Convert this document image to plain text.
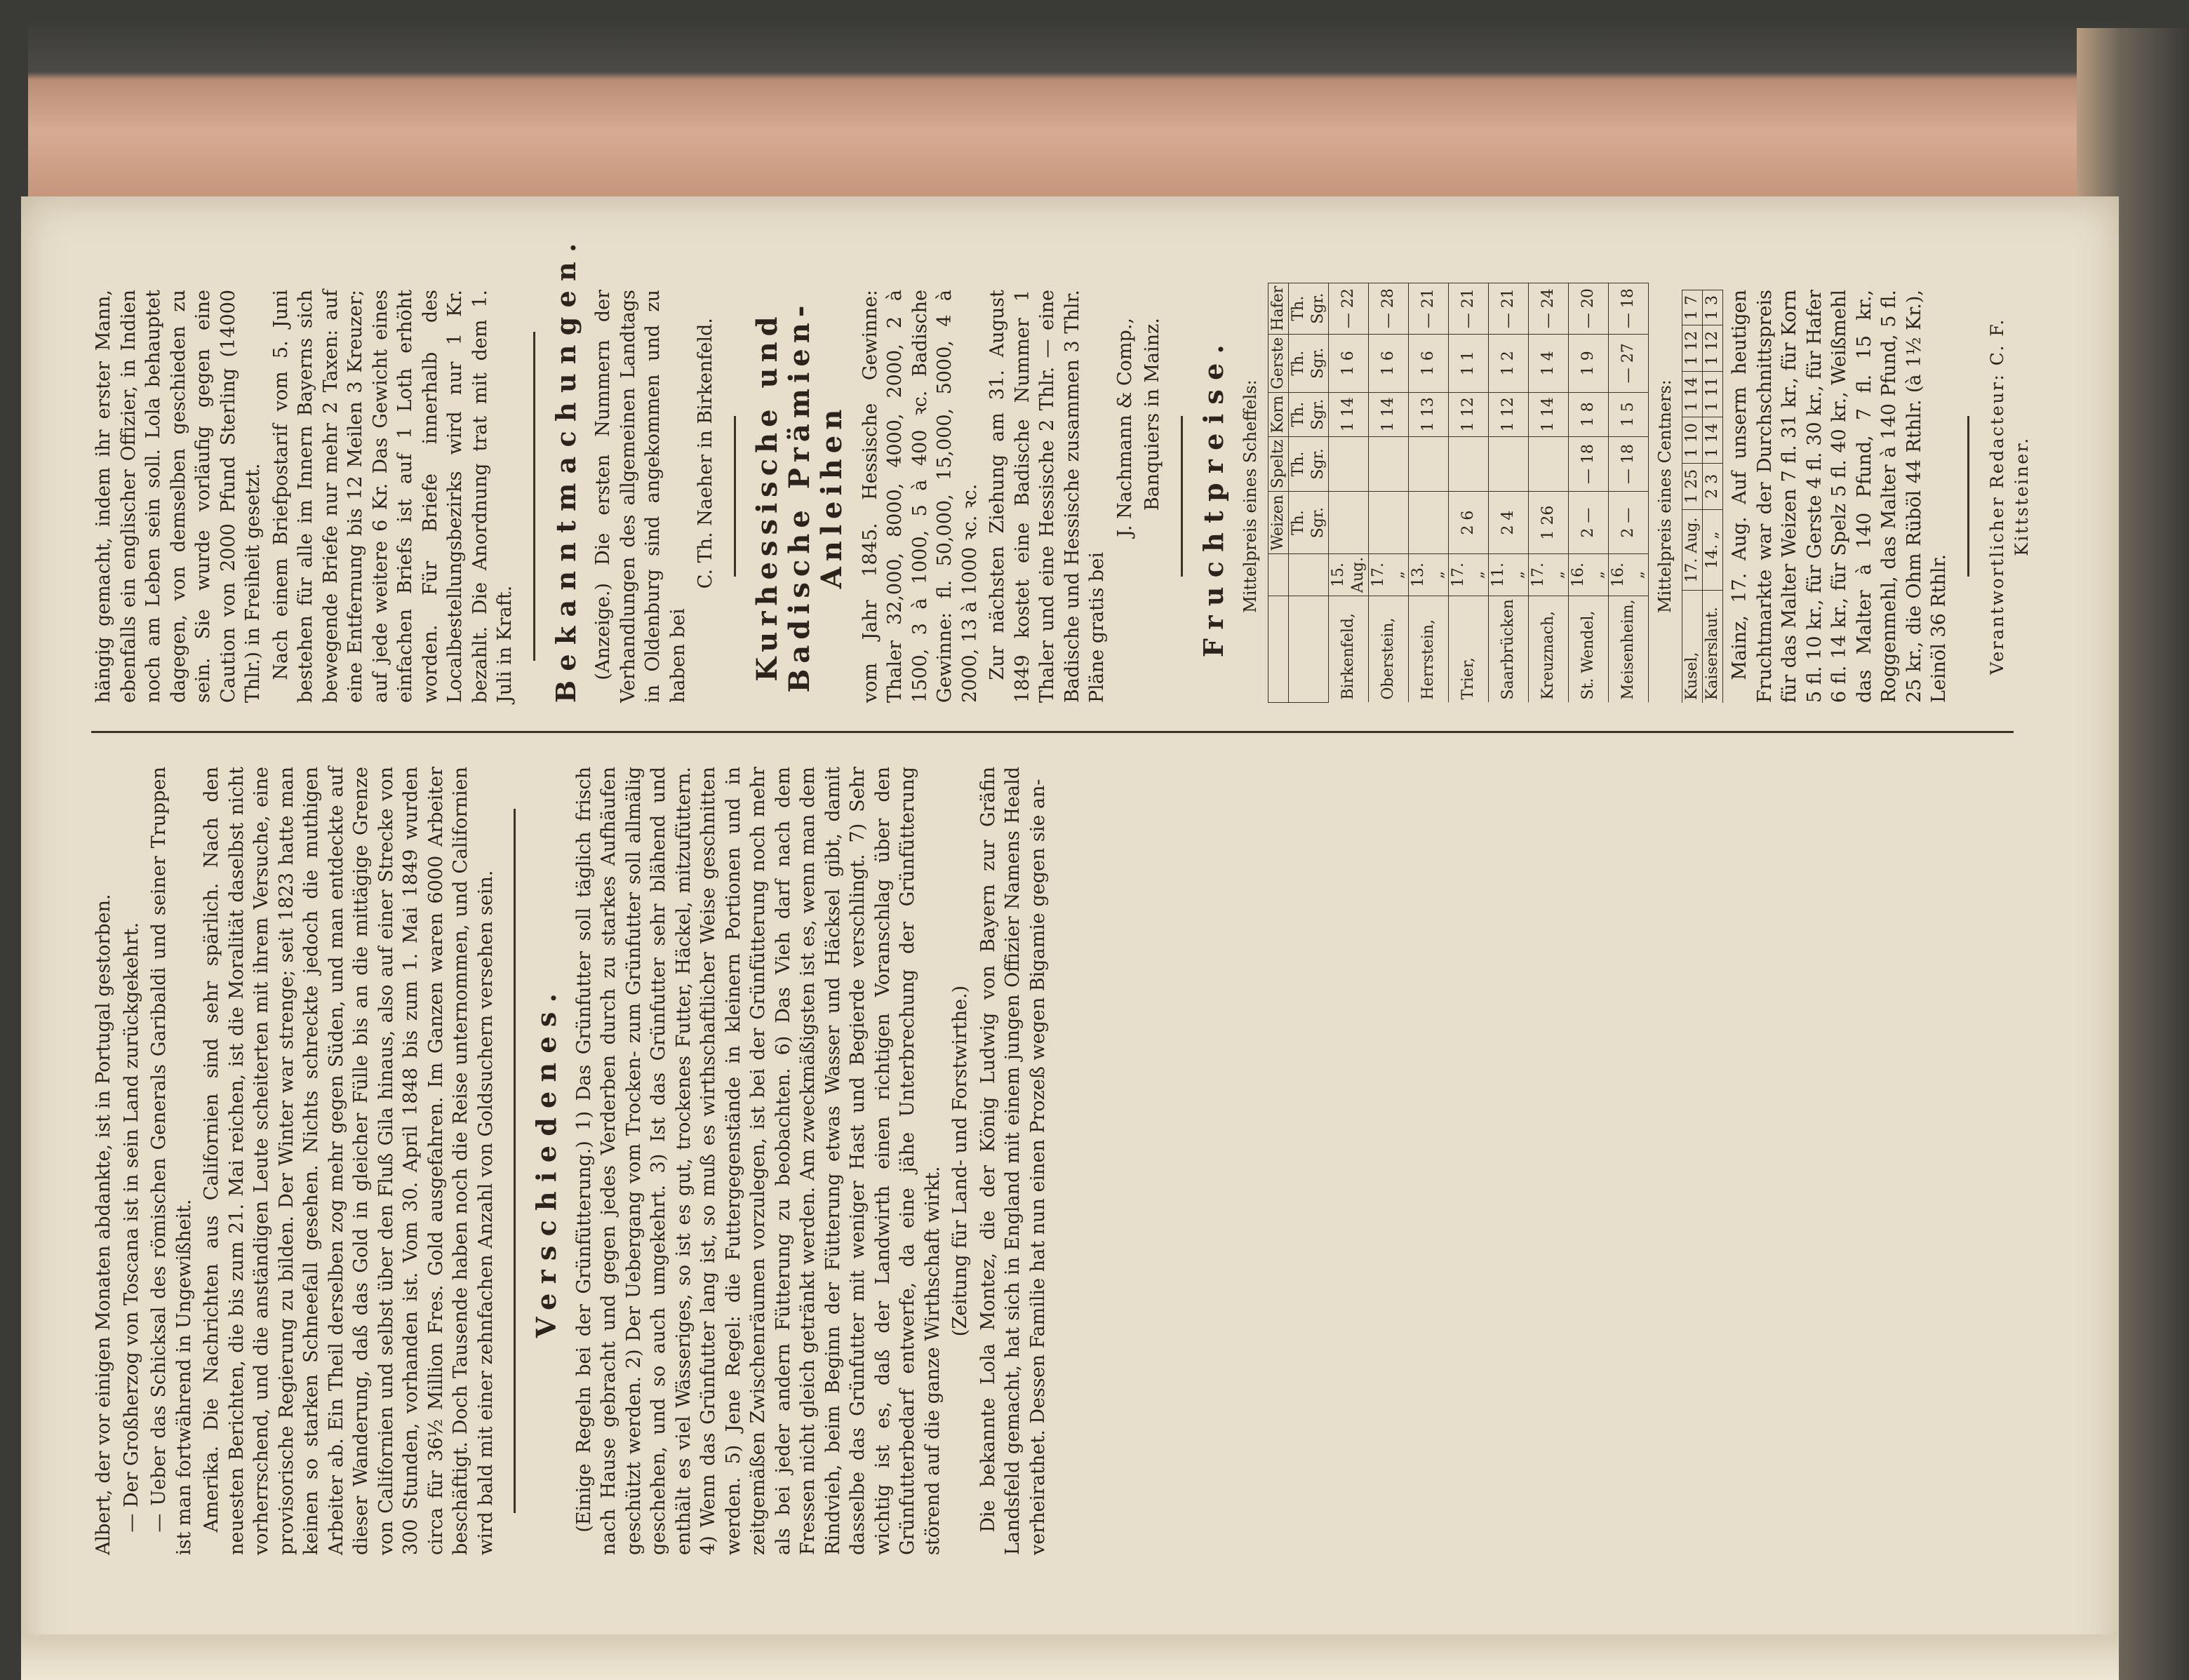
Albert, der vor einigen Monaten abdankte, ist in Portugal gestorben. — Der Großherzog von Toscana ist in sein Land zurückgekehrt. — Ueber das Schicksal des römischen Generals Garibaldi und seiner Truppen ist man fortwährend in Ungewißheit. Amerika. Die Nachrichten aus Californien sind sehr spärlich. Nach den neuesten Berichten, die bis zum 21. Mai reichen, ist die Moralität daselbst nicht vorherrschend, und die anständigen Leute scheiterten mit ihrem Versuche, eine provisorische Regierung zu bilden. Der Winter war strenge; seit 1823 hatte man keinen so starken Schneefall gesehen. Nichts schreckte jedoch die muthigen Arbeiter ab. Ein Theil derselben zog mehr gegen Süden, und man entdeckte auf dieser Wanderung, daß das Gold in gleicher Fülle bis an die mittägige Grenze von Californien und selbst über den Fluß Gila hinaus, also auf einer Strecke von 300 Stunden, vorhanden ist. Vom 30. April 1848 bis zum 1. Mai 1849 wurden circa für 36½ Million Fres. Gold ausgefahren. Im Ganzen waren 6000 Arbeiter beschäftigt. Doch Tausende haben noch die Reise unternommen, und Californien wird bald mit einer zehnfachen Anzahl von Goldsuchern versehen sein. Verschiedenes. (Einige Regeln bei der Grünfütterung.) 1) Das Grünfutter soll täglich frisch nach Hause gebracht und gegen jedes Verderben durch zu starkes Aufhäufen geschützt werden. 2) Der Uebergang vom Trocken- zum Grünfutter soll allmälig geschehen, und so auch umgekehrt. 3) Ist das Grünfutter sehr blähend und enthält es viel Wässeriges, so ist es gut, trockenes Futter, Häckel, mitzufüttern. 4) Wenn das Grünfutter lang ist, so muß es wirthschaftlicher Weise geschnitten werden. 5) Jene Regel: die Futtergegenstände in kleinern Portionen und in zeitgemäßen Zwischenräumen vorzulegen, ist bei der Grünfütterung noch mehr als bei jeder andern Fütterung zu beobachten. 6) Das Vieh darf nach dem Fressen nicht gleich getränkt werden. Am zweckmäßigsten ist es, wenn man dem Rindvieh, beim Beginn der Fütterung etwas Wasser und Häcksel gibt, damit dasselbe das Grünfutter mit weniger Hast und Begierde verschlingt. 7) Sehr wichtig ist es, daß der Landwirth einen richtigen Voranschlag über den Grünfutterbedarf entwerfe, da eine jähe Unterbrechung der Grünfütterung störend auf die ganze Wirthschaft wirkt.

(Zeitung für Land- und Forstwirthe.) Die bekannte Lola Montez, die der König Ludwig von Bayern zur Gräfin Landsfeld gemacht, hat sich in England mit einem jungen Offizier Namens Heald verheirathet. Dessen Familie hat nun einen Prozeß wegen Bigamie gegen sie an-

hängig gemacht, indem ihr erster Mann, ebenfalls ein englischer Offizier, in Indien noch am Leben sein soll. Lola behauptet dagegen, von demselben geschieden zu sein. Sie wurde vorläufig gegen eine Caution von 2000 Pfund Sterling (14000 Thlr.) in Freiheit gesetzt. Nach einem Briefpostarif vom 5. Juni bestehen für alle im Innern Bayerns sich bewegende Briefe nur mehr 2 Taxen: auf eine Entfernung bis 12 Meilen 3 Kreuzer; auf jede weitere 6 Kr. Das Gewicht eines einfachen Briefs ist auf 1 Loth erhöht worden. Für Briefe innerhalb des Localbestellungsbezirks wird nur 1 Kr. bezahlt. Die Anordnung trat mit dem 1. Juli in Kraft. Bekanntmachungen. (Anzeige.) Die ersten Nummern der Verhandlungen des allgemeinen Landtags in Oldenburg sind angekommen und zu haben bei

C. Th. Naeher in Birkenfeld. Kurhessische und Badische Prämien-Anleihen vom Jahr 1845. Hessische Gewinne: Thaler 32,000, 8000, 4000, 2000, 2 à 1500, 3 à 1000, 5 à 400 ꝛc. Badische Gewinne: fl. 50,000, 15,000, 5000, 4 à 2000, 13 à 1000 ꝛc. ꝛc. Zur nächsten Ziehung am 31. August 1849 kostet eine Badische Nummer 1 Thaler und eine Hessische 2 Thlr. — eine Badische und Hessische zusammen 3 Thlr. Pläne gratis bei

J. Nachmann & Comp., Banquiers in Mainz. Fruchtpreise. Mittelpreis eines Scheffels:
		Weizen	Speltz	Korn	Gerste	Hafer
		Th. Sgr.	Th. Sgr.	Th. Sgr.	Th. Sgr.	Th. Sgr.
Birkenfeld,	15. Aug.			1 14	1 6	— 22
Oberstein,	17. „			1 14	1 6	— 28
Herrstein,	13. „			1 13	1 6	— 21
Trier,	17. „	2 6		1 12	1 1	— 21
Saarbrücken	11. „	2 4		1 12	1 2	— 21
Kreuznach,	17. „	1 26		1 14	1 4	— 24
St. Wendel,	16. „	2 —	— 18	1 8	1 9	— 20
Meisenheim,	16. „	2 —	— 18	1 5	— 27	— 18
Mittelpreis eines Centners:
Kusel,	17. Aug.	1 25	1 10	1 14	1 12	1 7
Kaiserslaut.	14. „	2 3	1 14	1 11	1 12	1 3 Mainz, 17. Aug. Auf unserm heutigen Fruchtmarkte war der Durchschnittspreis für das Malter Weizen 7 fl. 31 kr., für Korn 5 fl. 10 kr., für Gerste 4 fl. 30 kr., für Hafer 6 fl. 14 kr., für Spelz 5 fl. 40 kr., Weißmehl das Malter à 140 Pfund, 7 fl. 15 kr., Roggenmehl, das Malter à 140 Pfund, 5 fl. 25 kr., die Ohm Rüböl 44 Rthlr. (à 1½ Kr.), Leinöl 36 Rthlr. Verantwortlicher Redacteur: C. F. Kittsteiner.
